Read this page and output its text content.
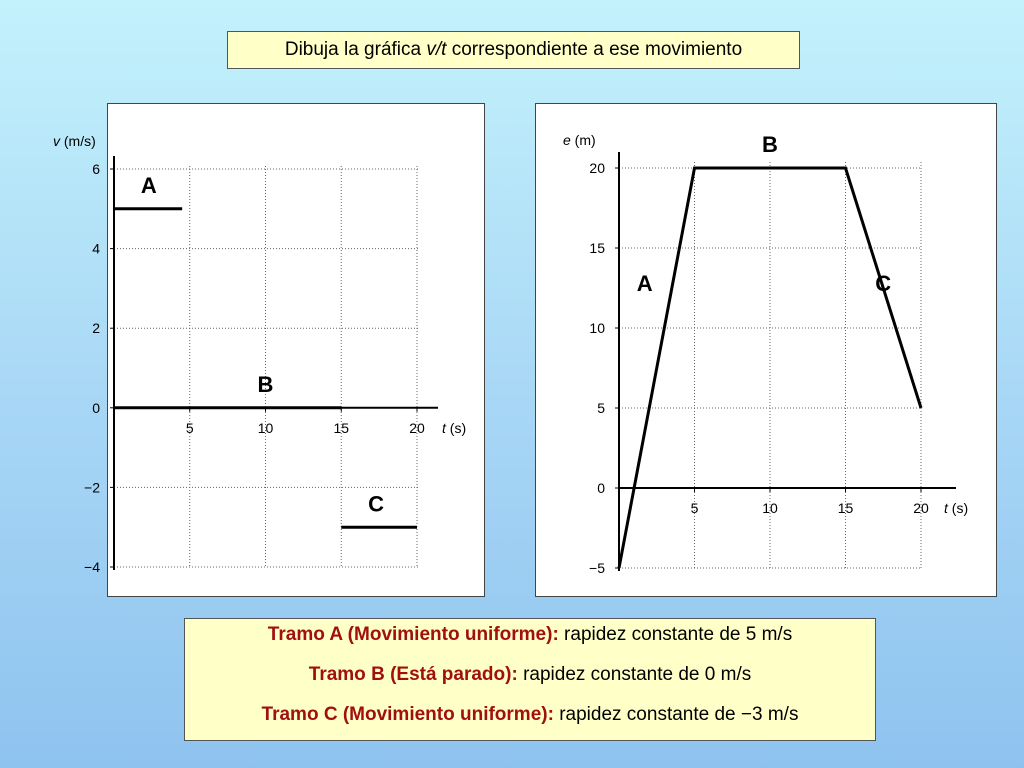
Dibuja la gráfica v/t correspondiente a ese movimiento
6
4
2
0
−2
−4
5	10	15	20 t (s)
v (m/s)
A
B
C
20
15
10
5
0
−5
5	10	15	20 t (s)
e (m)	B
A	C
Tramo A (Movimiento uniforme): rapidez constante de 5 m/s
Tramo B (Está parado): rapidez constante de 0 m/s
Tramo C (Movimiento uniforme): rapidez constante de −3 m/s
